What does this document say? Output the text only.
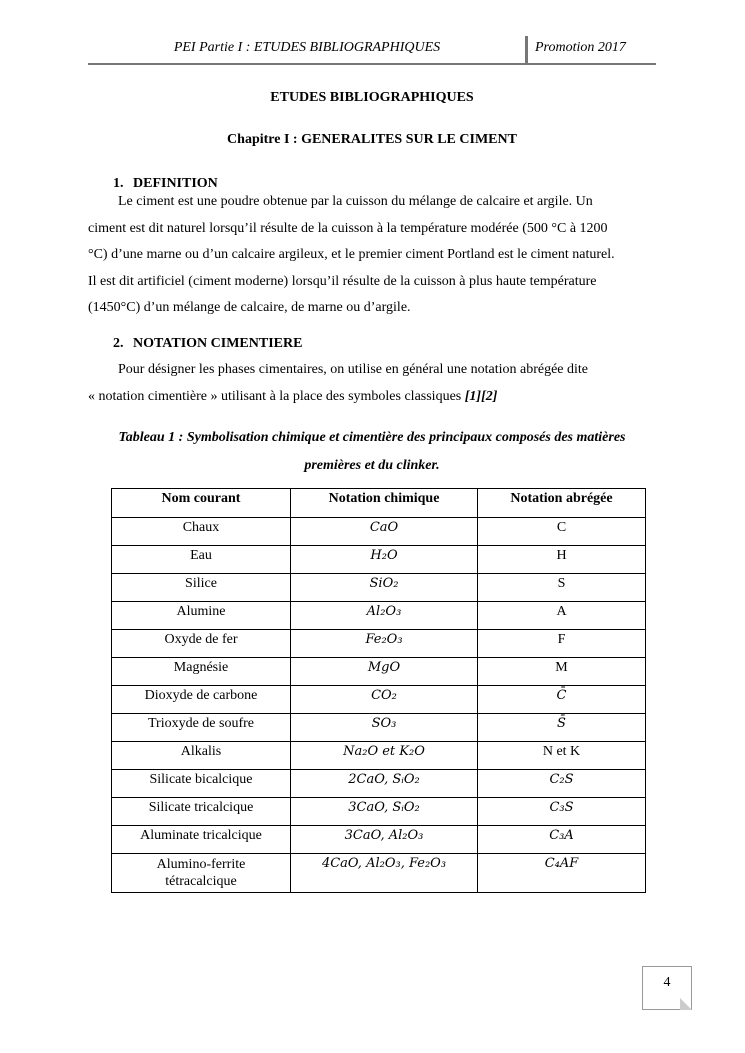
PEI Partie I : ETUDES BIBLIOGRAPHIQUES	Promotion 2017
ETUDES BIBLIOGRAPHIQUES
Chapitre I : GENERALITES SUR LE CIMENT
1. DEFINITION
Le ciment est une poudre obtenue par la cuisson du mélange de calcaire et argile. Un
ciment est dit naturel lorsqu’il résulte de la cuisson à la température modérée (500 °C à 1200
°C) d’une marne ou d’un calcaire argileux, et le premier ciment Portland est le ciment naturel.
Il est dit artificiel (ciment moderne) lorsqu’il résulte de la cuisson à plus haute température
(1450°C) d’un mélange de calcaire, de marne ou d’argile.
2. NOTATION CIMENTIERE
Pour désigner les phases cimentaires, on utilise en général une notation abrégée dite
« notation cimentière » utilisant à la place des symboles classiques [1][2]
Tableau 1 : Symbolisation chimique et cimentière des principaux composés des matières
premières et du clinker.
Nom courant	Notation chimique	Notation abrégée
Chaux	CaO	C
Eau	H₂O	H
Silice	SiO₂	S
Alumine	Al₂O₃	A
Oxyde de fer	Fe₂O₃	F
Magnésie	MgO	M
Dioxyde de carbone	CO₂	C̄
Trioxyde de soufre	SO₃	S̄
Alkalis	Na₂O et K₂O	N et K
Silicate bicalcique	2CaO, SᵢO₂	C₂S
Silicate tricalcique	3CaO, SᵢO₂	C₃S
Aluminate tricalcique	3CaO, Al₂O₃	C₃A
Alumino-ferrite tétracalcique	4CaO, Al₂O₃, Fe₂O₃	C₄AF
4
